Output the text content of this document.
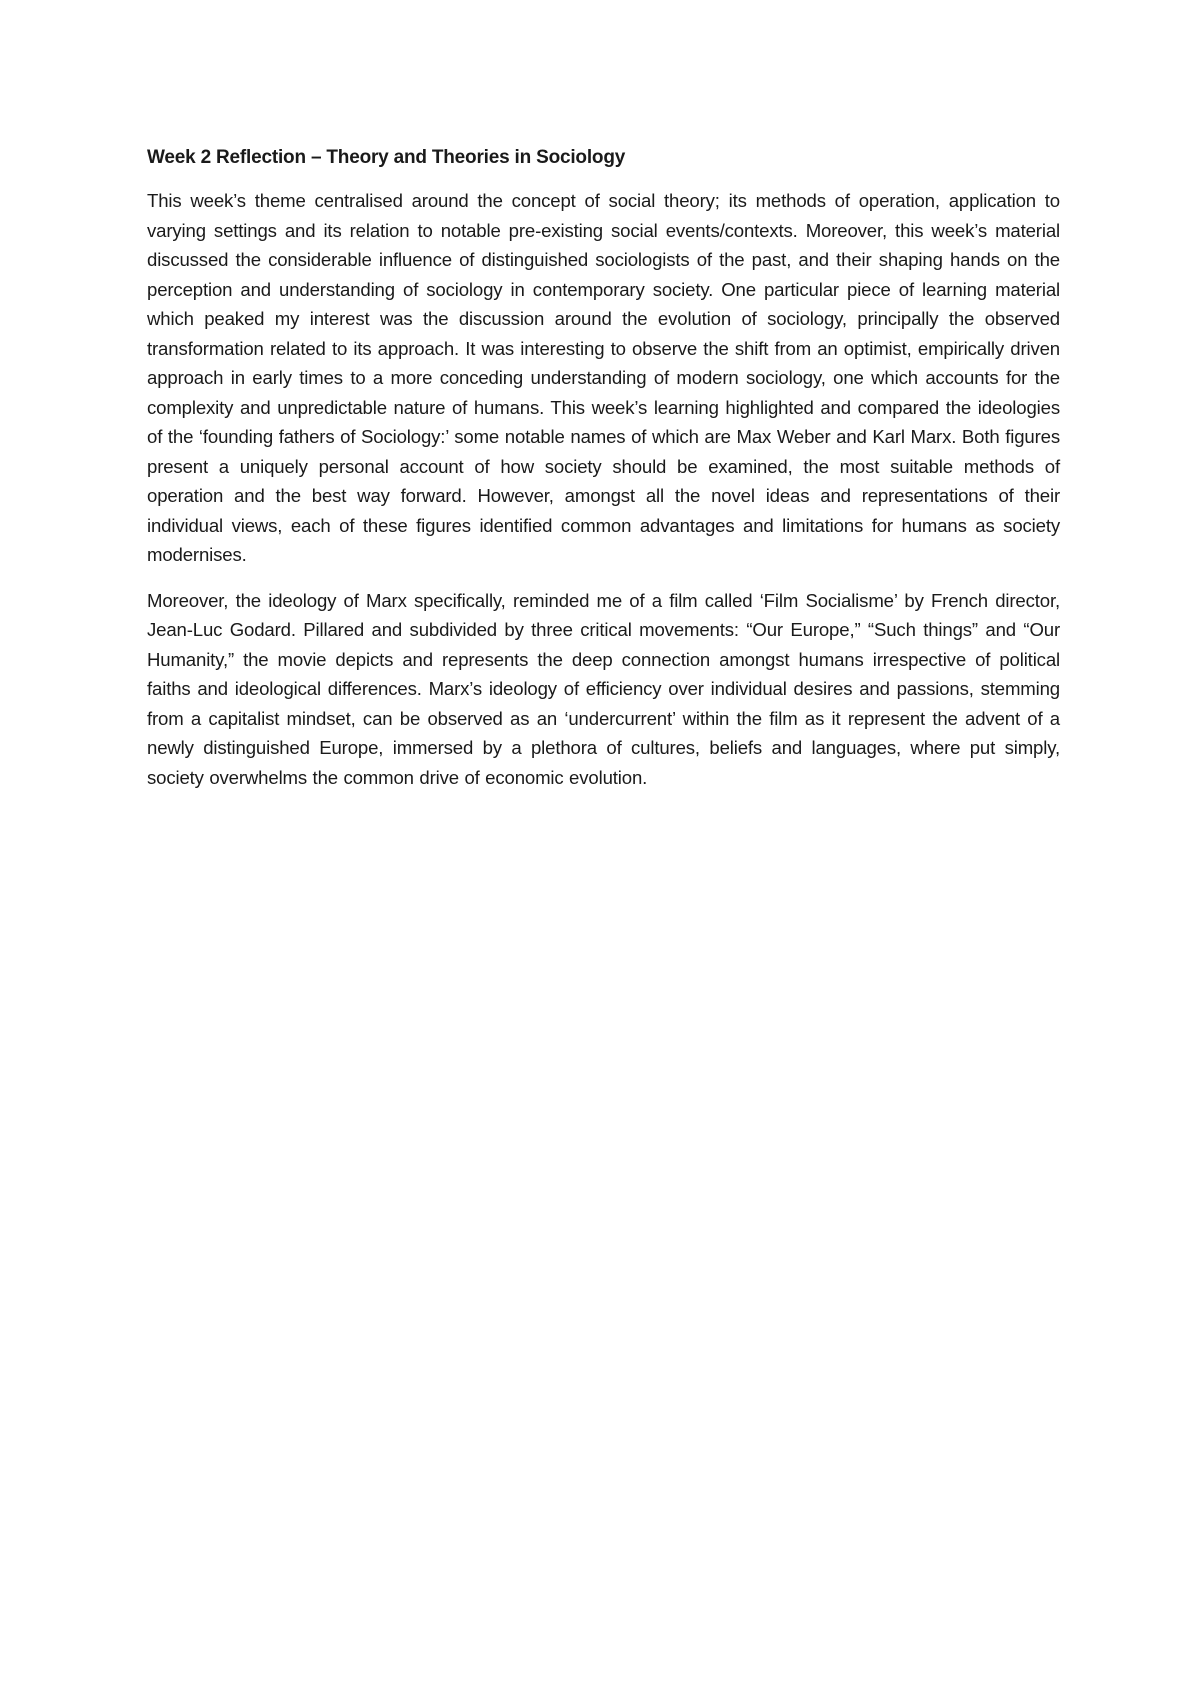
Week 2 Reflection – Theory and Theories in Sociology

This week’s theme centralised around the concept of social theory; its methods of operation, application to varying settings and its relation to notable pre-existing social events/contexts. Moreover, this week’s material discussed the considerable influence of distinguished sociologists of the past, and their shaping hands on the perception and understanding of sociology in contemporary society. One particular piece of learning material which peaked my interest was the discussion around the evolution of sociology, principally the observed transformation related to its approach. It was interesting to observe the shift from an optimist, empirically driven approach in early times to a more conceding understanding of modern sociology, one which accounts for the complexity and unpredictable nature of humans. This week’s learning highlighted and compared the ideologies of the ‘founding fathers of Sociology:’ some notable names of which are Max Weber and Karl Marx. Both figures present a uniquely personal account of how society should be examined, the most suitable methods of operation and the best way forward. However, amongst all the novel ideas and representations of their individual views, each of these figures identified common advantages and limitations for humans as society modernises.

Moreover, the ideology of Marx specifically, reminded me of a film called ‘Film Socialisme’ by French director, Jean-Luc Godard. Pillared and subdivided by three critical movements: “Our Europe,” “Such things” and “Our Humanity,” the movie depicts and represents the deep connection amongst humans irrespective of political faiths and ideological differences. Marx’s ideology of efficiency over individual desires and passions, stemming from a capitalist mindset, can be observed as an ‘undercurrent’ within the film as it represent the advent of a newly distinguished Europe, immersed by a plethora of cultures, beliefs and languages, where put simply, society overwhelms the common drive of economic evolution.
